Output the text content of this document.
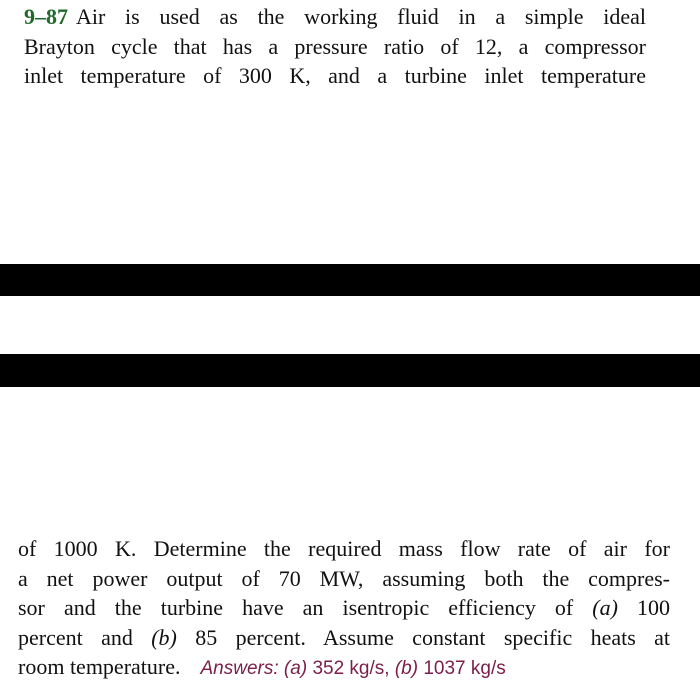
9–87 Air is used as the working fluid in a simple ideal
Brayton cycle that has a pressure ratio of 12, a compressor
inlet temperature of 300 K, and a turbine inlet temperature
of 1000 K. Determine the required mass flow rate of air for
a net power output of 70 MW, assuming both the compres-
sor and the turbine have an isentropic efficiency of (a) 100
percent and (b) 85 percent. Assume constant specific heats at
room temperature. Answers: (a) 352 kg/s, (b) 1037 kg/s
